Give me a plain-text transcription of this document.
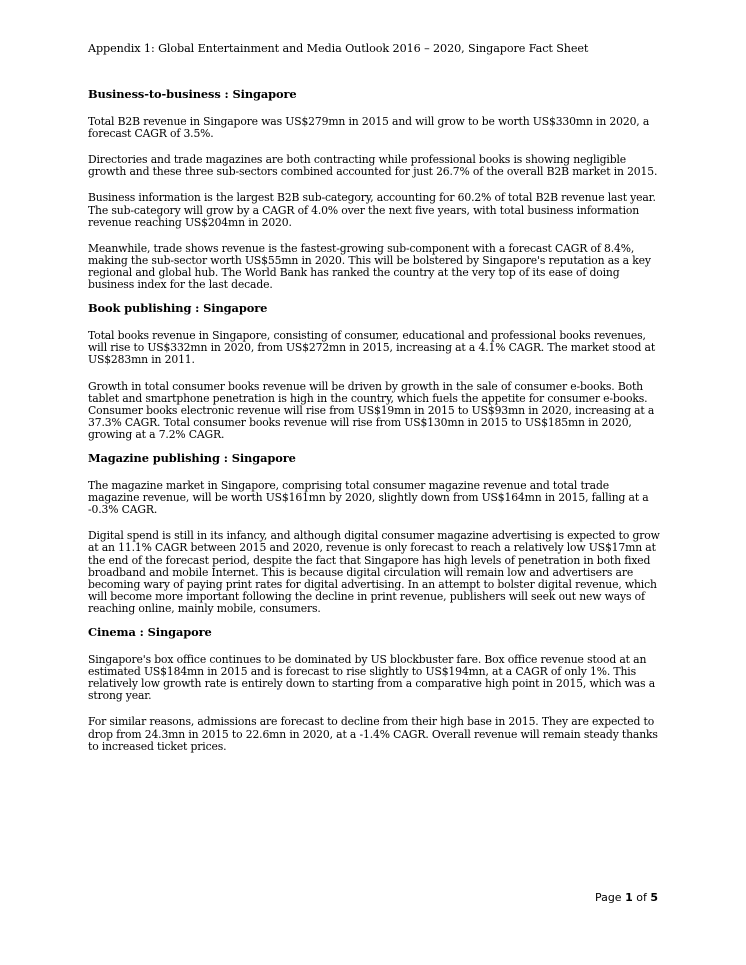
Appendix 1: Global Entertainment and Media Outlook 2016 – 2020, Singapore Fact Sheet
Business-to-business : Singapore

Total B2B revenue in Singapore was US$279mn in 2015 and will grow to be worth US$330mn in 2020, a forecast CAGR of 3.5%.

Directories and trade magazines are both contracting while professional books is showing negligible growth and these three sub-sectors combined accounted for just 26.7% of the overall B2B market in 2015.

Business information is the largest B2B sub-category, accounting for 60.2% of total B2B revenue last year. The sub-category will grow by a CAGR of 4.0% over the next five years, with total business information revenue reaching US$204mn in 2020.

Meanwhile, trade shows revenue is the fastest-growing sub-component with a forecast CAGR of 8.4%, making the sub-sector worth US$55mn in 2020. This will be bolstered by Singapore's reputation as a key regional and global hub. The World Bank has ranked the country at the very top of its ease of doing business index for the last decade.

Book publishing : Singapore

Total books revenue in Singapore, consisting of consumer, educational and professional books revenues, will rise to US$332mn in 2020, from US$272mn in 2015, increasing at a 4.1% CAGR. The market stood at US$283mn in 2011.

Growth in total consumer books revenue will be driven by growth in the sale of consumer e-books. Both tablet and smartphone penetration is high in the country, which fuels the appetite for consumer e-books. Consumer books electronic revenue will rise from US$19mn in 2015 to US$93mn in 2020, increasing at a 37.3% CAGR. Total consumer books revenue will rise from US$130mn in 2015 to US$185mn in 2020, growing at a 7.2% CAGR.

Magazine publishing : Singapore

The magazine market in Singapore, comprising total consumer magazine revenue and total trade magazine revenue, will be worth US$161mn by 2020, slightly down from US$164mn in 2015, falling at a -0.3% CAGR.

Digital spend is still in its infancy, and although digital consumer magazine advertising is expected to grow at an 11.1% CAGR between 2015 and 2020, revenue is only forecast to reach a relatively low US$17mn at the end of the forecast period, despite the fact that Singapore has high levels of penetration in both fixed broadband and mobile Internet. This is because digital circulation will remain low and advertisers are becoming wary of paying print rates for digital advertising. In an attempt to bolster digital revenue, which will become more important following the decline in print revenue, publishers will seek out new ways of reaching online, mainly mobile, consumers.

Cinema : Singapore

Singapore's box office continues to be dominated by US blockbuster fare. Box office revenue stood at an estimated US$184mn in 2015 and is forecast to rise slightly to US$194mn, at a CAGR of only 1%. This relatively low growth rate is entirely down to starting from a comparative high point in 2015, which was a strong year.

For similar reasons, admissions are forecast to decline from their high base in 2015. They are expected to drop from 24.3mn in 2015 to 22.6mn in 2020, at a -1.4% CAGR. Overall revenue will remain steady thanks to increased ticket prices.

Page 1 of 5
